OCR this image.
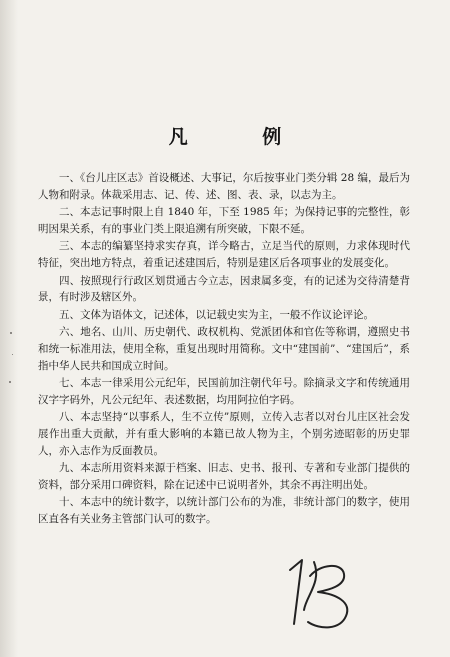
凡 例

一、《台儿庄区志》首设概述、大事记，尔后按事业门类分辑 28 编，最后为人物和附录。体裁采用志、记、传、述、图、表、录，以志为主。

二、本志记事时限上自 1840 年，下至 1985 年；为保持记事的完整性，彰明因果关系，有的事业门类上限追溯有所突破，下限不延。

三、本志的编纂坚持求实存真，详今略古，立足当代的原则，力求体现时代特征，突出地方特点，着重记述建国后，特别是建区后各项事业的发展变化。

四、按照现行行政区划贯通古今立志，因隶属多变，有的记述为交待清楚背景，有时涉及辖区外。

五、文体为语体文，记述体，以记载史实为主，一般不作议论评论。

六、地名、山川、历史朝代、政权机构、党派团体和官佐等称谓，遵照史书和统一标准用法，使用全称，重复出现时用简称。文中“建国前”、“建国后”，系指中华人民共和国成立时间。

七、本志一律采用公元纪年，民国前加注朝代年号。除摘录文字和传统通用汉字字码外，凡公元纪年、表述数据，均用阿拉伯字码。

八、本志坚持“以事系人，生不立传”原则，立传入志者以对台儿庄区社会发展作出重大贡献，并有重大影响的本籍已故人物为主，个别劣迹昭彰的历史罪人，亦入志作为反面教员。

九、本志所用资料来源于档案、旧志、史书、报刊、专著和专业部门提供的资料，部分采用口碑资料，除在记述中已说明者外，其余不再注明出处。

十、本志中的统计数字，以统计部门公布的为准，非统计部门的数字，使用区直各有关业务主管部门认可的数字。
